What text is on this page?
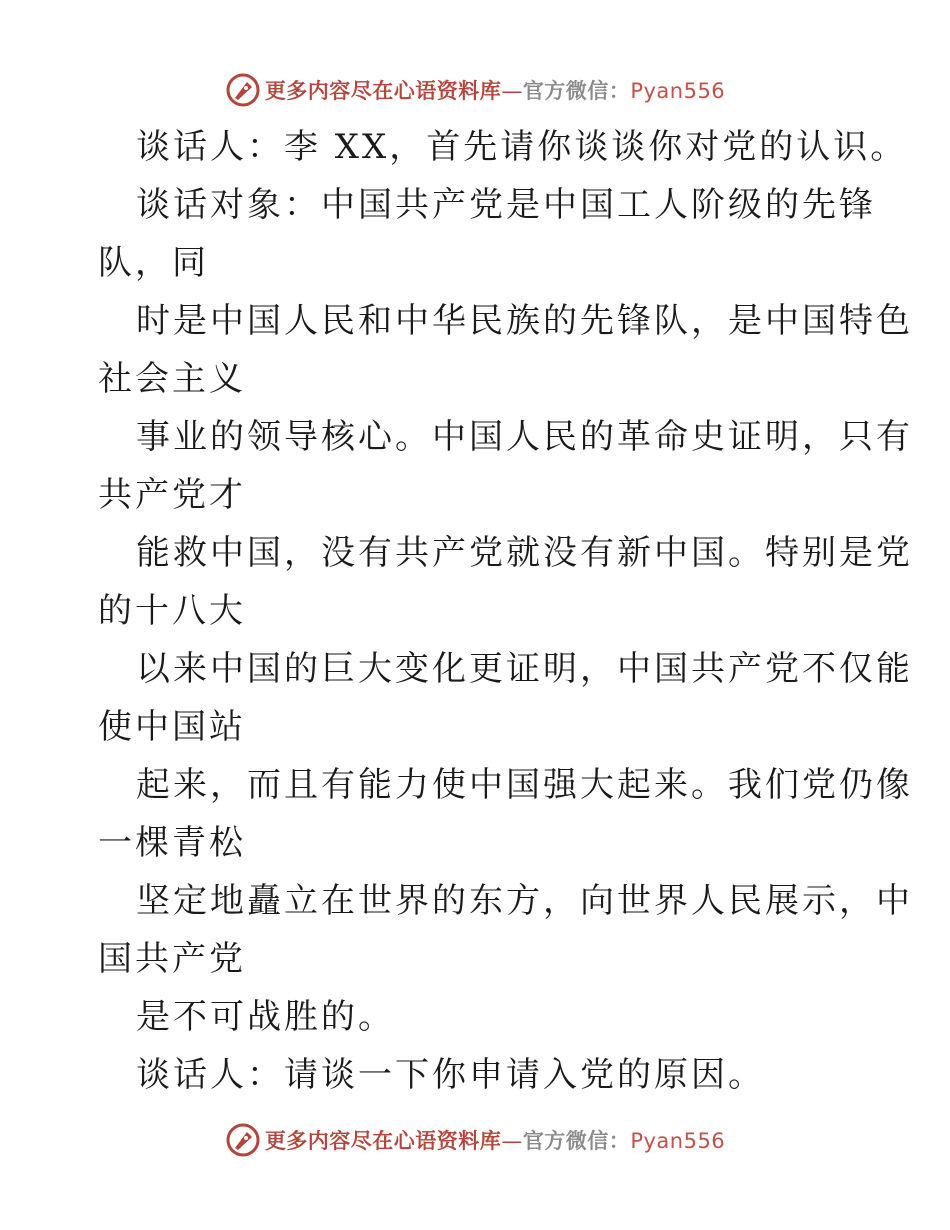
更多内容尽在心语资料库—官方微信：Pyan556
谈话人：李 XX，首先请你谈谈你对党的认识。
谈话对象：中国共产党是中国工人阶级的先锋
队，同
时是中国人民和中华民族的先锋队，是中国特色
社会主义
事业的领导核心。中国人民的革命史证明，只有
共产党才
能救中国，没有共产党就没有新中国。特别是党
的十八大
以来中国的巨大变化更证明，中国共产党不仅能
使中国站
起来，而且有能力使中国强大起来。我们党仍像
一棵青松
坚定地矗立在世界的东方，向世界人民展示，中
国共产党
是不可战胜的。
谈话人：请谈一下你申请入党的原因。
更多内容尽在心语资料库—官方微信：Pyan556
